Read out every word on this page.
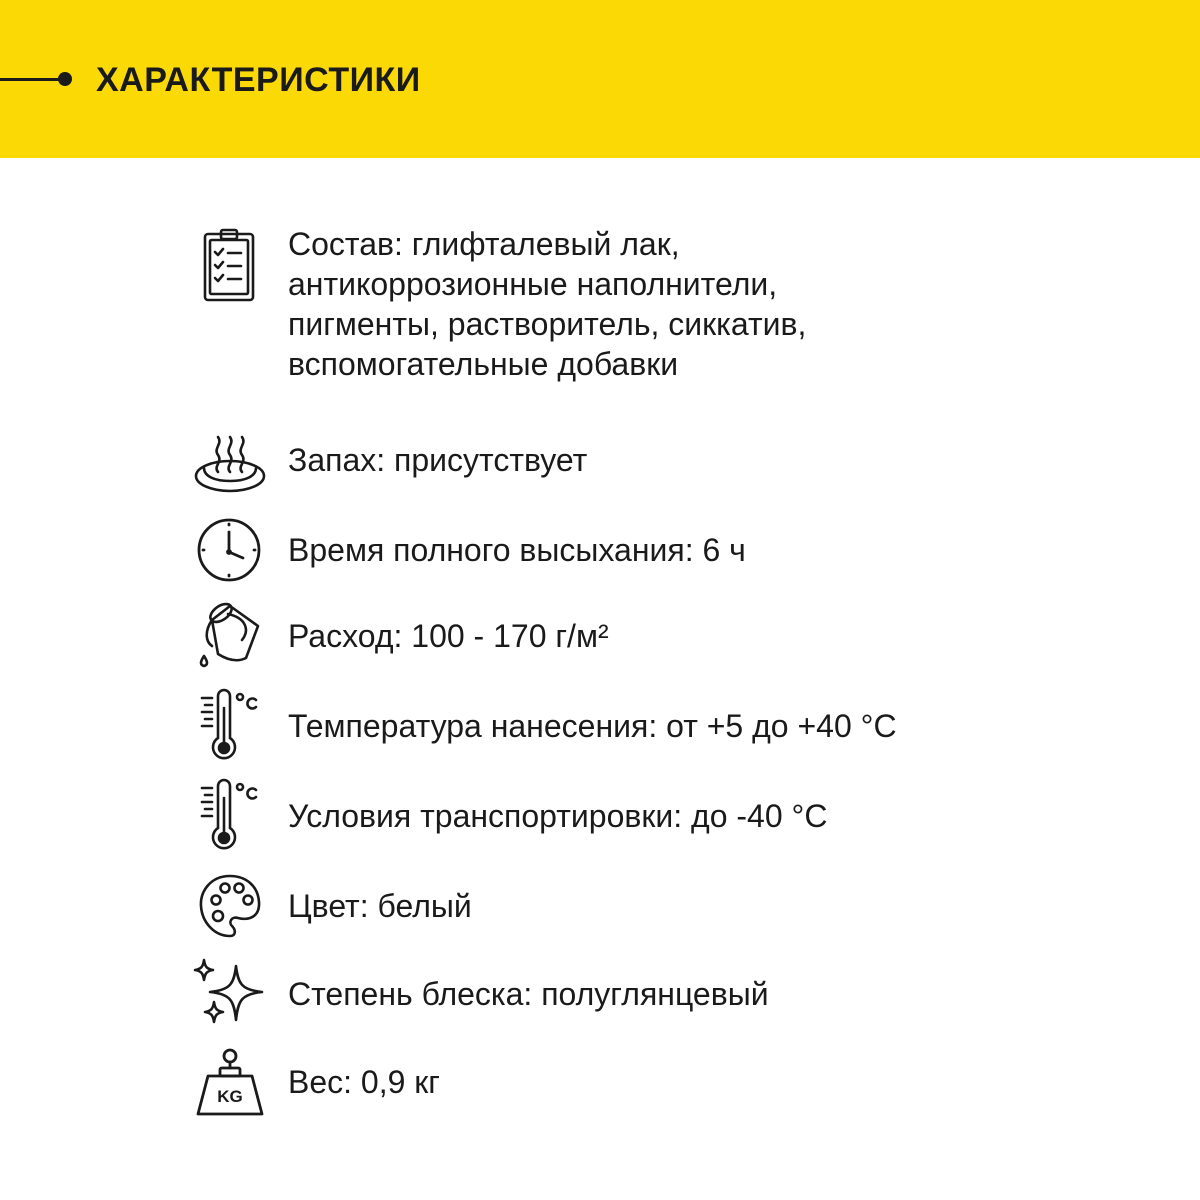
ХАРАКТЕРИСТИКИ
Состав: глифталевый лак,
антикоррозионные наполнители,
пигменты, растворитель, сиккатив,
вспомогательные добавки
Запах: присутствует
Время полного высыхания: 6 ч
Расход: 100 - 170 г/м²
Температура нанесения: от +5 до +40 °С
Условия транспортировки: до -40 °С
Цвет: белый
Степень блеска: полуглянцевый
KG Вес: 0,9 кг
